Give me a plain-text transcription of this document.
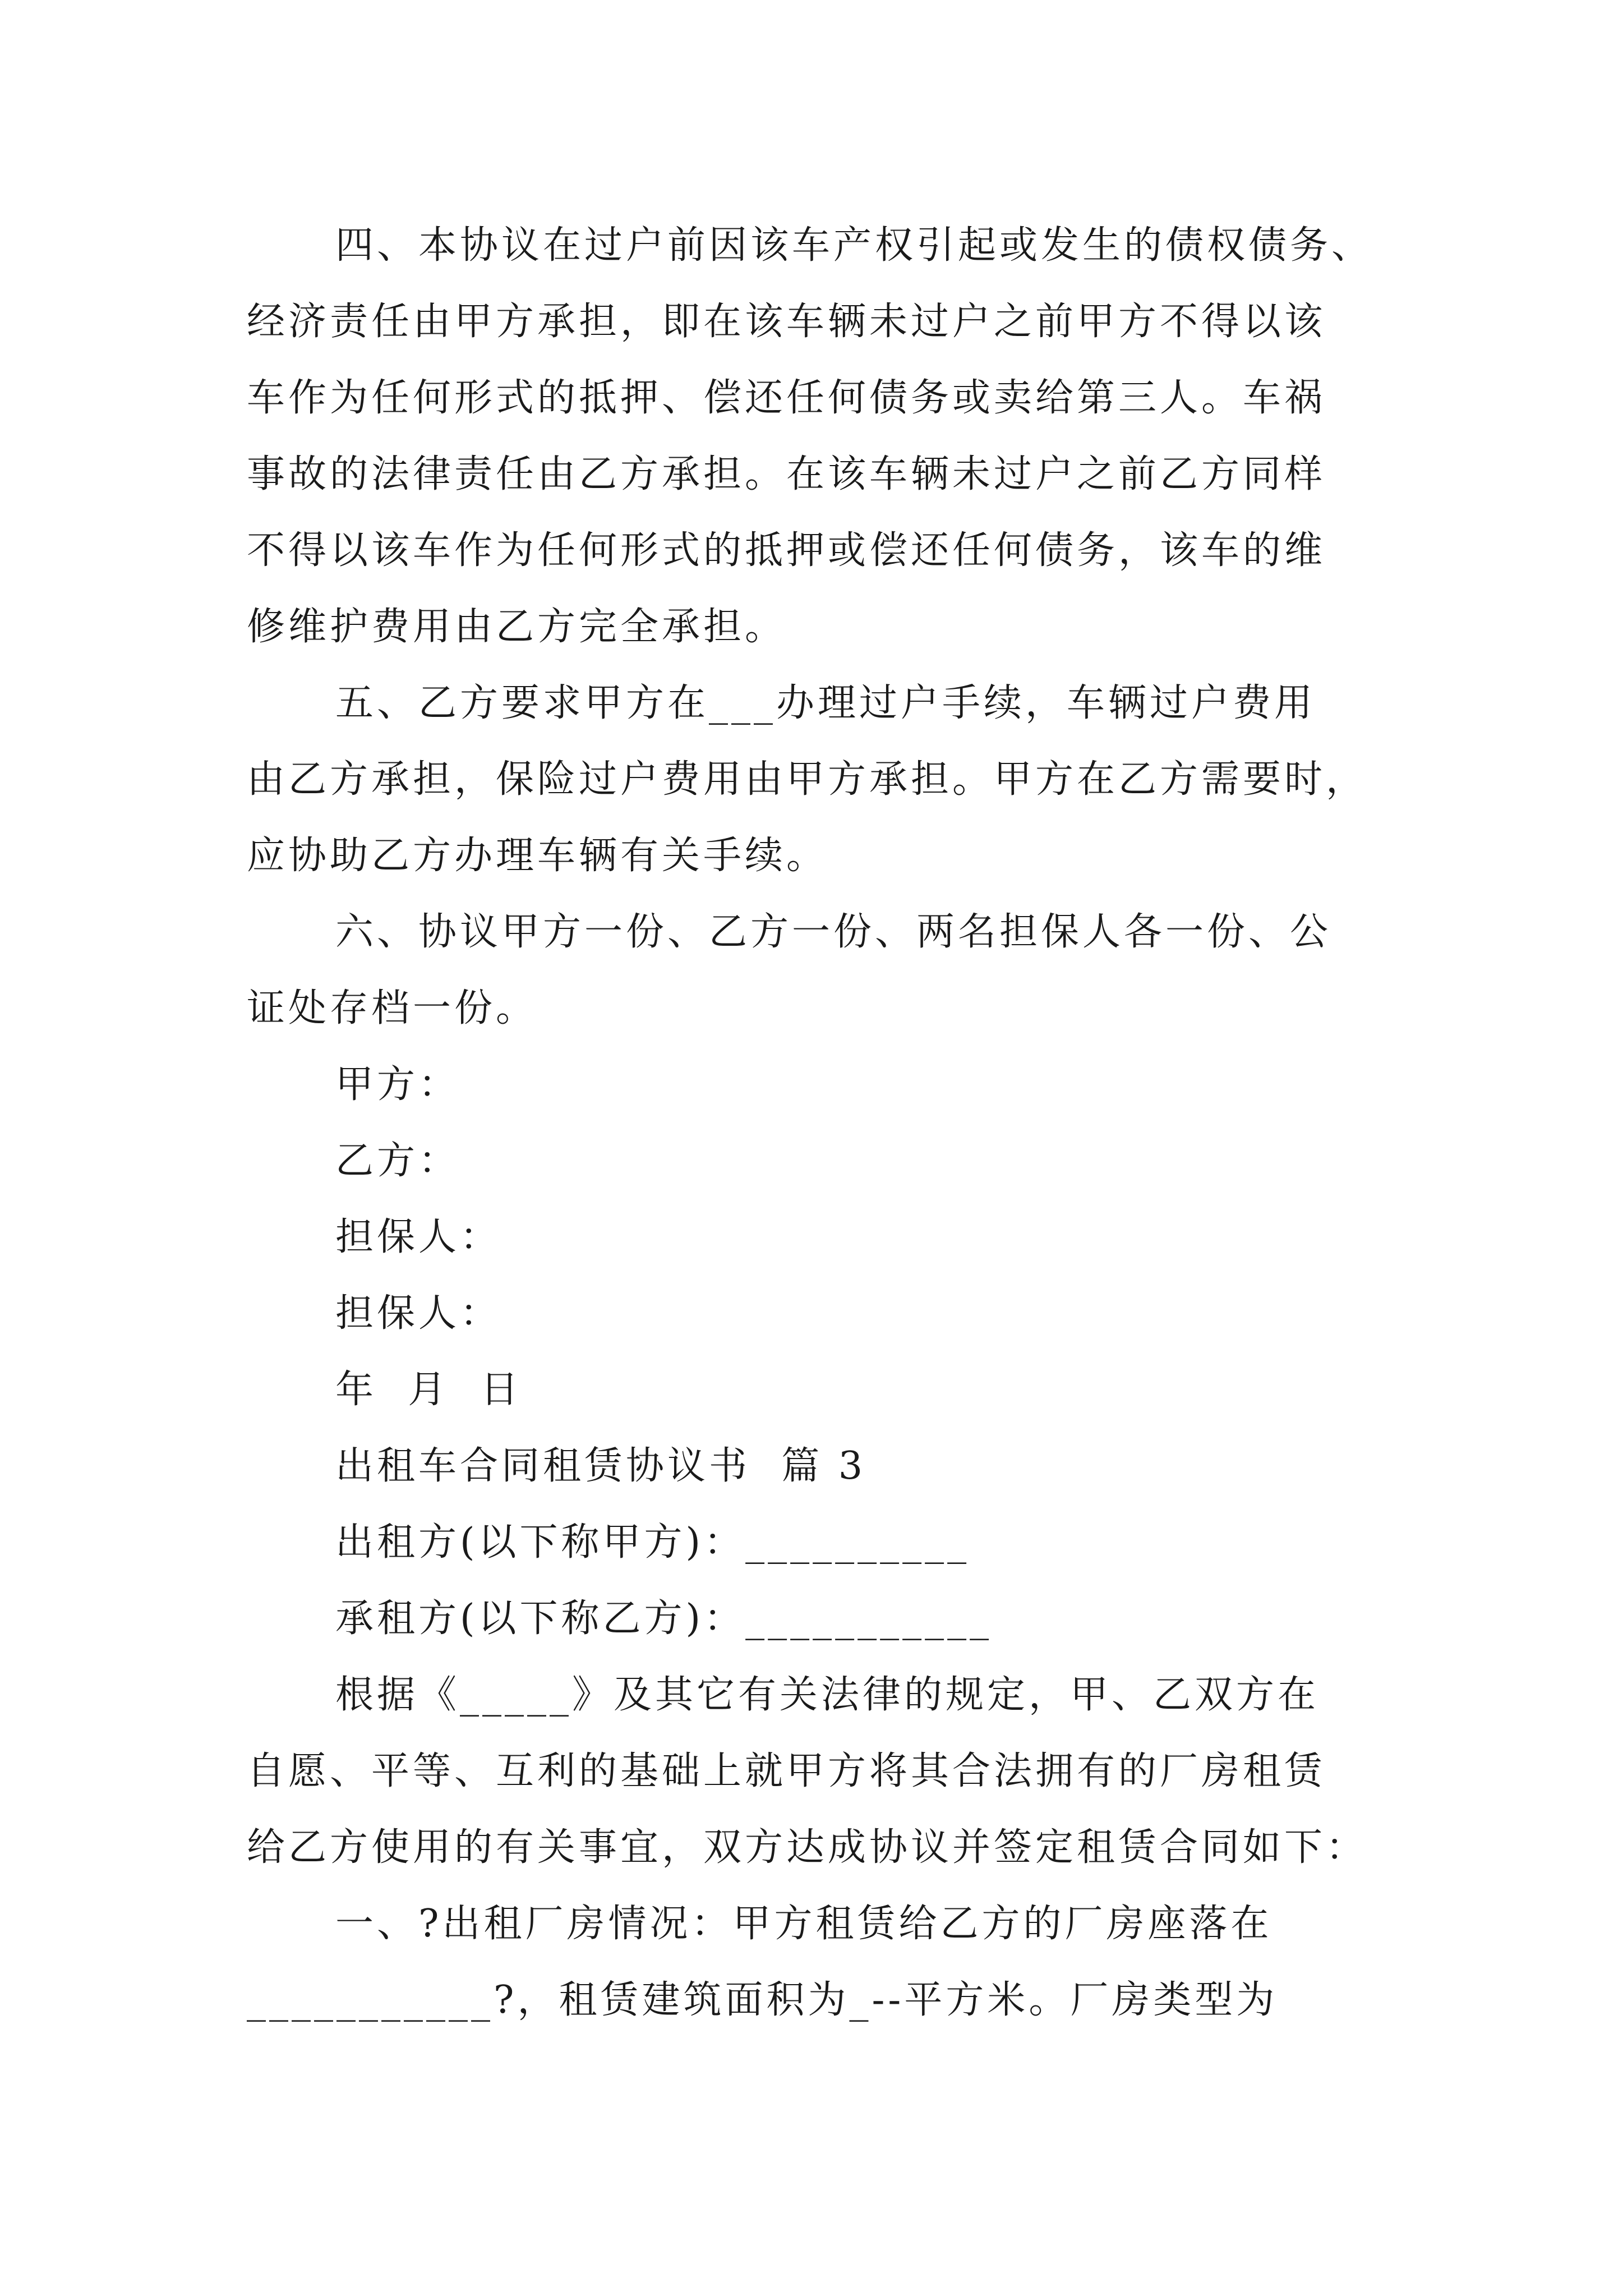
四、本协议在过户前因该车产权引起或发生的债权债务、
经济责任由甲方承担，即在该车辆未过户之前甲方不得以该
车作为任何形式的抵押、偿还任何债务或卖给第三人。车祸
事故的法律责任由乙方承担。在该车辆未过户之前乙方同样
不得以该车作为任何形式的抵押或偿还任何债务，该车的维
修维护费用由乙方完全承担。
五、乙方要求甲方在___办理过户手续，车辆过户费用
由乙方承担，保险过户费用由甲方承担。甲方在乙方需要时，
应协助乙方办理车辆有关手续。
六、协议甲方一份、乙方一份、两名担保人各一份、公
证处存档一份。
甲方：
乙方：
担保人：
担保人：
年  月  日
出租车合同租赁协议书  篇 3
出租方(以下称甲方)：__________
承租方(以下称乙方)：___________
根据《_____》及其它有关法律的规定，甲、乙双方在
自愿、平等、互利的基础上就甲方将其合法拥有的厂房租赁
给乙方使用的有关事宜，双方达成协议并签定租赁合同如下：
一、?出租厂房情况：甲方租赁给乙方的厂房座落在
___________?，租赁建筑面积为_--平方米。厂房类型为
